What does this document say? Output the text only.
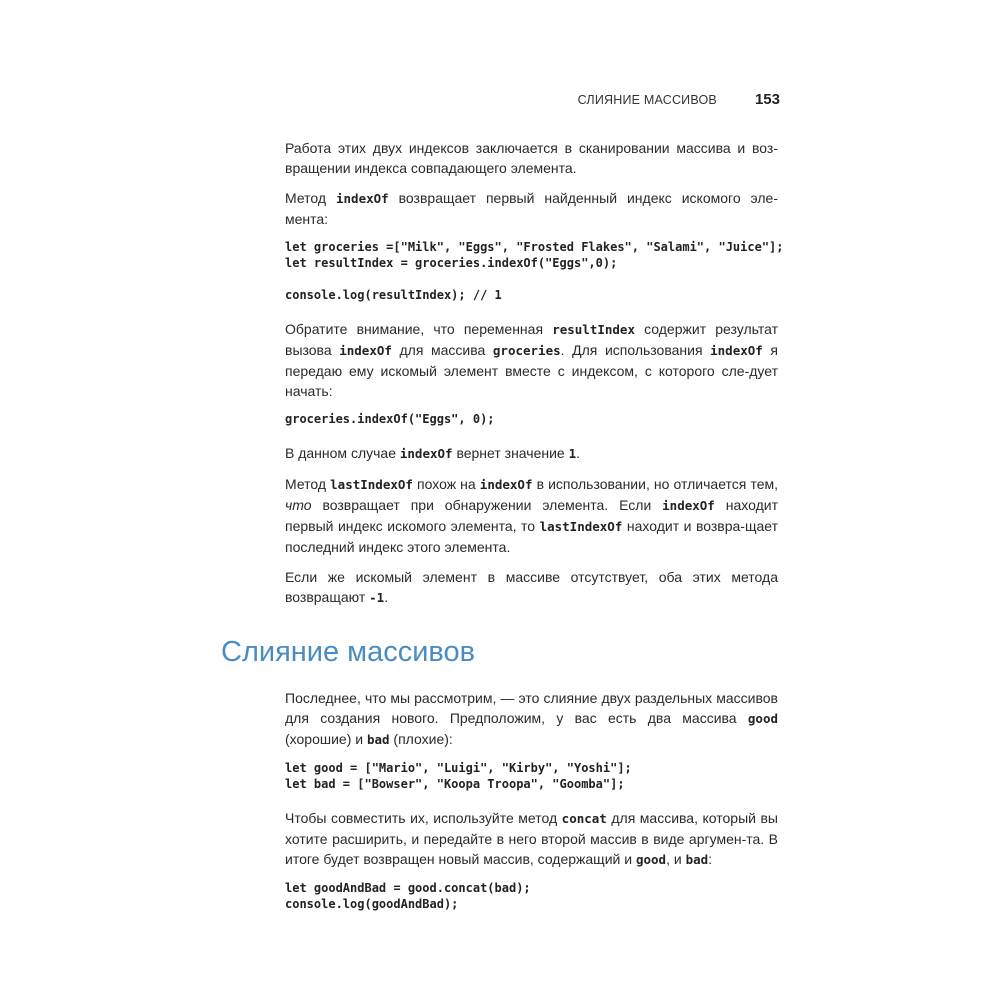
СЛИЯНИЕ МАССИВОВ	153

Работа этих двух индексов заключается в сканировании массива и воз-вращении индекса совпадающего элемента.

Метод indexOf возвращает первый найденный индекс искомого эле-мента:

let groceries =["Milk", "Eggs", "Frosted Flakes", "Salami", "Juice"];
let resultIndex = groceries.indexOf("Eggs",0);
console.log(resultIndex); // 1

Обратите внимание, что переменная resultIndex содержит результат вызова indexOf для массива groceries. Для использования indexOf я передаю ему искомый элемент вместе с индексом, с которого сле-дует начать:

groceries.indexOf("Eggs", 0);

В данном случае indexOf вернет значение 1.

Метод lastIndexOf похож на indexOf в использовании, но отличается тем, что возвращает при обнаружении элемента. Если indexOf находит первый индекс искомого элемента, то lastIndexOf находит и возвра-щает последний индекс этого элемента.

Если же искомый элемент в массиве отсутствует, оба этих метода возвращают -1.

Слияние массивов

Последнее, что мы рассмотрим, — это слияние двух раздельных массивов для создания нового. Предположим, у вас есть два массива good (хорошие) и bad (плохие):

let good = ["Mario", "Luigi", "Kirby", "Yoshi"];
let bad = ["Bowser", "Koopa Troopa", "Goomba"];

Чтобы совместить их, используйте метод concat для массива, который вы хотите расширить, и передайте в него второй массив в виде аргумен-та. В итоге будет возвращен новый массив, содержащий и good, и bad:

let goodAndBad = good.concat(bad);
console.log(goodAndBad);
